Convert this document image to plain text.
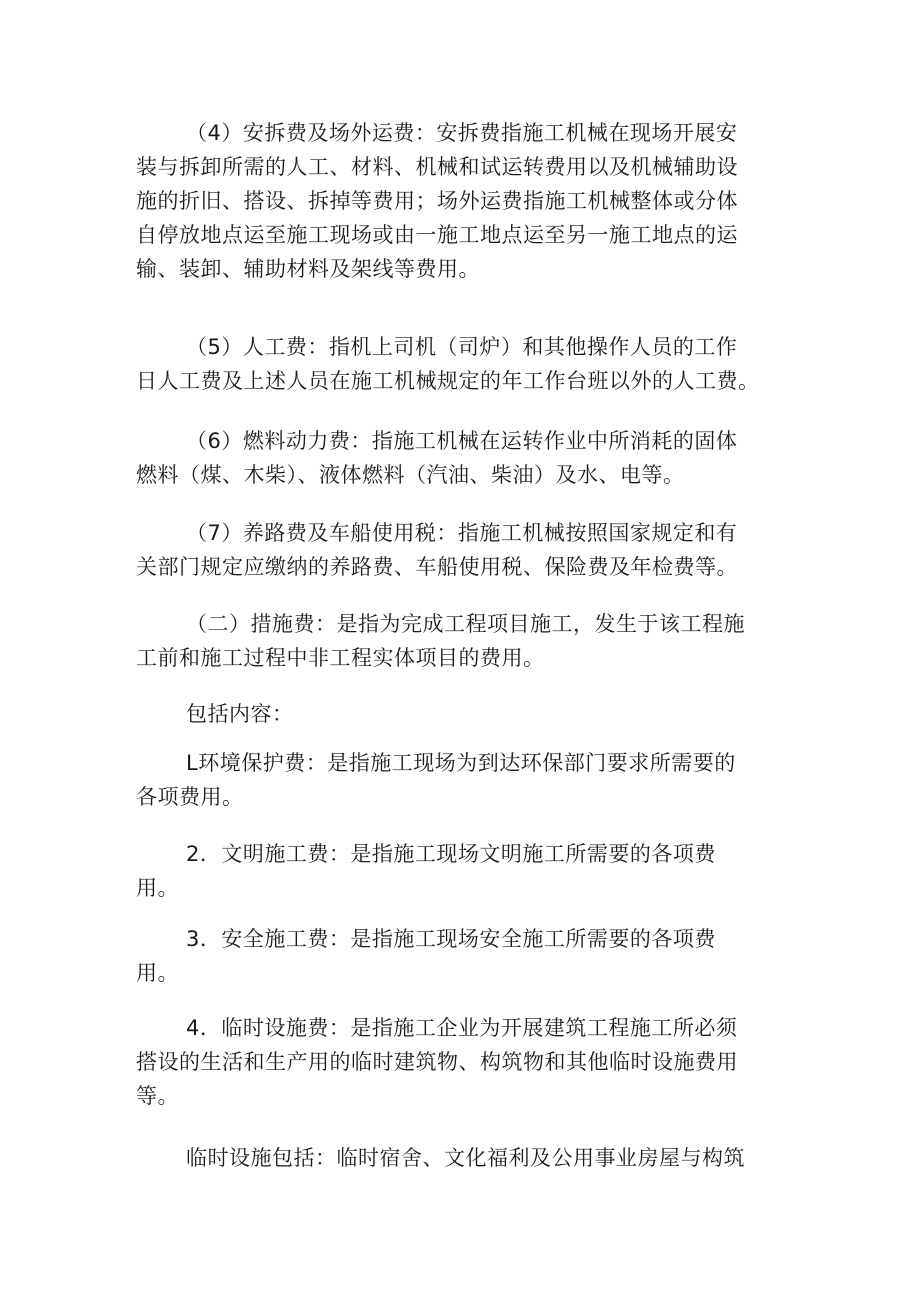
（4）安拆费及场外运费：安拆费指施工机械在现场开展安
装与拆卸所需的人工、材料、机械和试运转费用以及机械辅助设
施的折旧、搭设、拆掉等费用；场外运费指施工机械整体或分体
自停放地点运至施工现场或由一施工地点运至另一施工地点的运
输、装卸、辅助材料及架线等费用。

（5）人工费：指机上司机（司炉）和其他操作人员的工作
日人工费及上述人员在施工机械规定的年工作台班以外的人工费。

（6）燃料动力费：指施工机械在运转作业中所消耗的固体
燃料（煤、木柴）、液体燃料（汽油、柴油）及水、电等。

（7）养路费及车船使用税：指施工机械按照国家规定和有
关部门规定应缴纳的养路费、车船使用税、保险费及年检费等。

（二）措施费：是指为完成工程项目施工，发生于该工程施
工前和施工过程中非工程实体项目的费用。

包括内容：

L环境保护费：是指施工现场为到达环保部门要求所需要的
各项费用。

2．文明施工费：是指施工现场文明施工所需要的各项费
用。

3．安全施工费：是指施工现场安全施工所需要的各项费
用。

4．临时设施费：是指施工企业为开展建筑工程施工所必须
搭设的生活和生产用的临时建筑物、构筑物和其他临时设施费用
等。

临时设施包括：临时宿舍、文化福利及公用事业房屋与构筑
